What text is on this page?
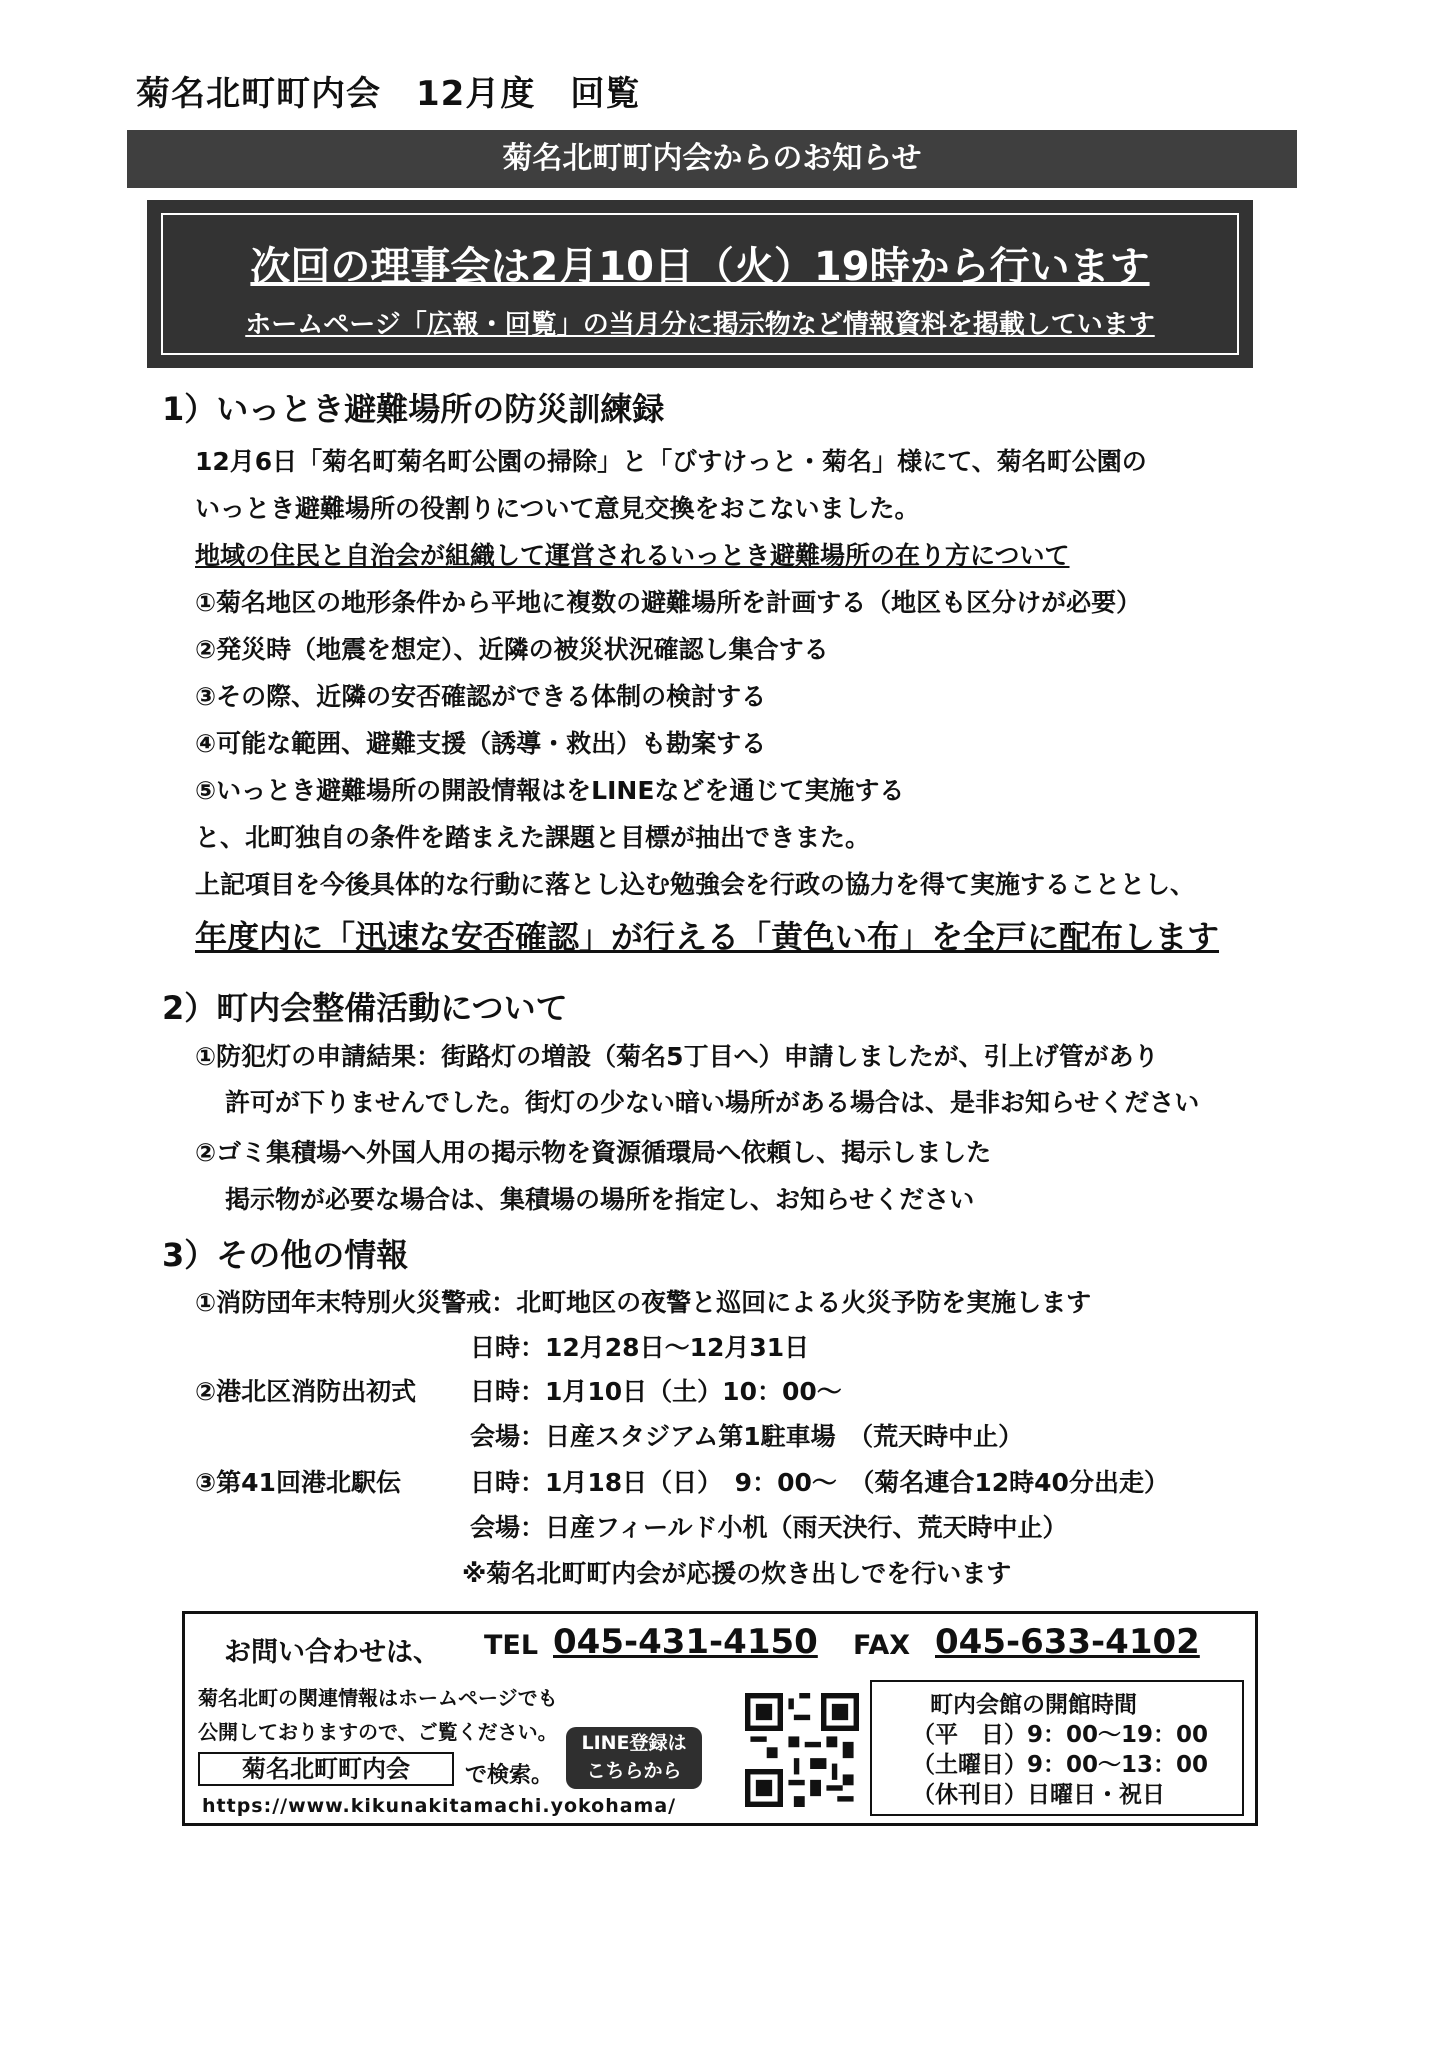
菊名北町町内会　12月度　回覧
菊名北町町内会からのお知らせ
次回の理事会は2月10日（火）19時から行います
ホームページ「広報・回覧」の当月分に掲示物など情報資料を掲載しています
1）いっとき避難場所の防災訓練録
12月6日「菊名町菊名町公園の掃除」と「びすけっと・菊名」様にて、菊名町公園の
いっとき避難場所の役割りについて意見交換をおこないました。
地域の住民と自治会が組織して運営されるいっとき避難場所の在り方について
①菊名地区の地形条件から平地に複数の避難場所を計画する（地区も区分けが必要）
②発災時（地震を想定）、近隣の被災状況確認し集合する
③その際、近隣の安否確認ができる体制の検討する
④可能な範囲、避難支援（誘導・救出）も勘案する
⑤いっとき避難場所の開設情報はをLINEなどを通じて実施する
と、北町独自の条件を踏まえた課題と目標が抽出できまた。
上記項目を今後具体的な行動に落とし込む勉強会を行政の協力を得て実施することとし、
年度内に「迅速な安否確認」が行える「黄色い布」を全戸に配布します
2）町内会整備活動について
①防犯灯の申請結果：街路灯の増設（菊名5丁目へ）申請しましたが、引上げ管があり
許可が下りませんでした。街灯の少ない暗い場所がある場合は、是非お知らせください
②ゴミ集積場へ外国人用の掲示物を資源循環局へ依頼し、掲示しました
掲示物が必要な場合は、集積場の場所を指定し、お知らせください
3）その他の情報
①消防団年末特別火災警戒：北町地区の夜警と巡回による火災予防を実施します
日時：12月28日～12月31日
②港北区消防出初式 日時：1月10日（土）10：00～
会場：日産スタジアム第1駐車場　（荒天時中止）
③第41回港北駅伝	日時：1月18日（日）　9：00～　（菊名連合12時40分出走）
会場：日産フィールド小机（雨天決行、荒天時中止）
※菊名北町町内会が応援の炊き出しでを行います
お問い合わせは、 TEL 045-431-4150 FAX 045-633-4102
菊名北町の関連情報はホームページでも
公開しておりますので、ご覧ください。
菊名北町町内会	で検索。
https://www.kikunakitamachi.yokohama/
LINE登録は
こちらから
町内会館の開館時間
（平　日）9：00～19：00
（土曜日）9：00～13：00
（休刊日）日曜日・祝日
